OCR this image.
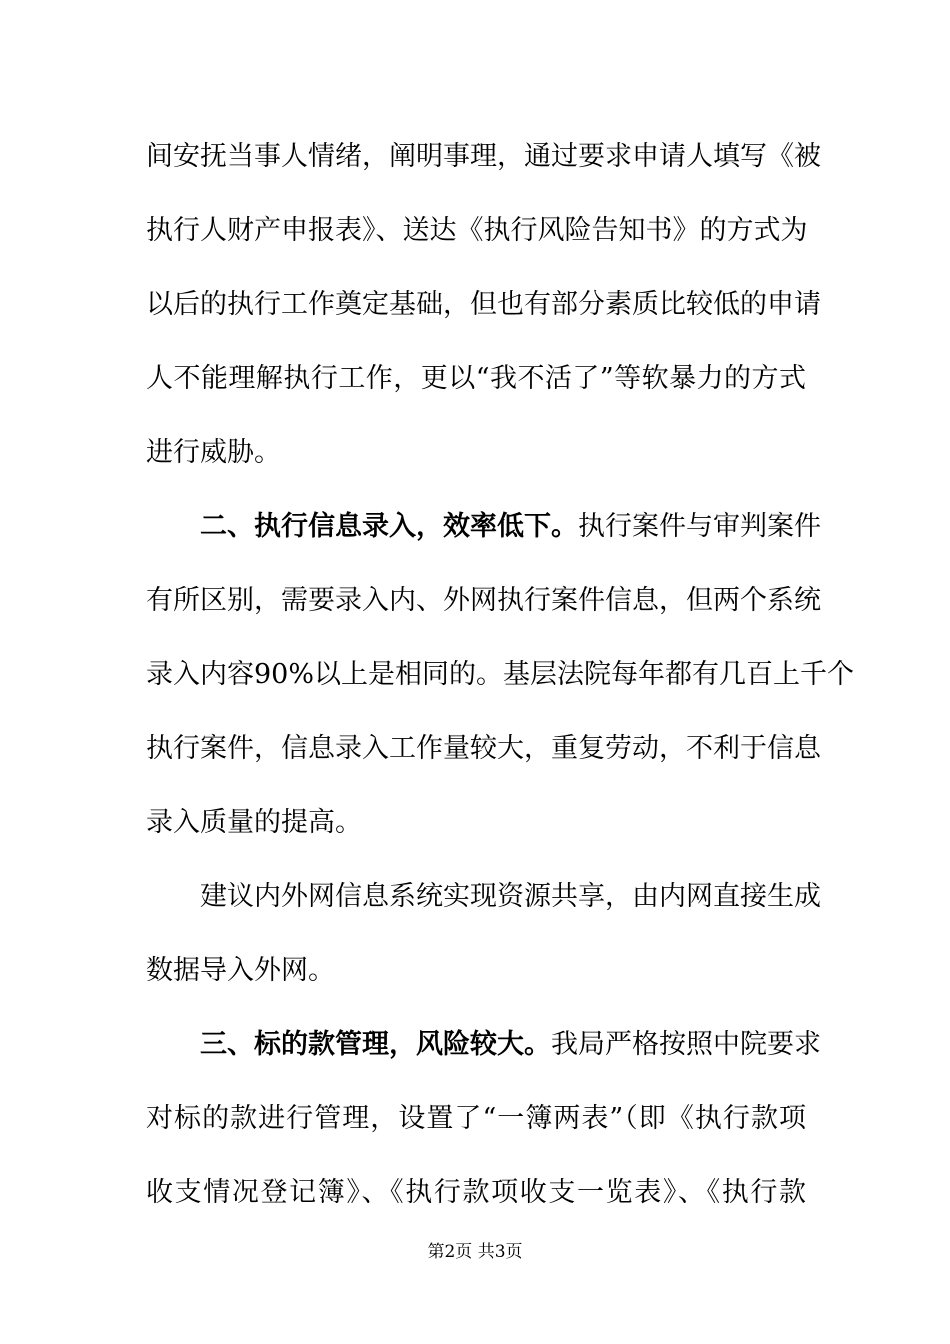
间安抚当事人情绪，阐明事理，通过要求申请人填写《被
执行人财产申报表》、送达《执行风险告知书》的方式为
以后的执行工作奠定基础，但也有部分素质比较低的申请
人不能理解执行工作，更以“我不活了”等软暴力的方式
进行威胁。
二、执行信息录入，效率低下。执行案件与审判案件
有所区别，需要录入内、外网执行案件信息，但两个系统
录入内容90%以上是相同的。基层法院每年都有几百上千个
执行案件，信息录入工作量较大，重复劳动，不利于信息
录入质量的提高。
建议内外网信息系统实现资源共享，由内网直接生成
数据导入外网。
三、标的款管理，风险较大。我局严格按照中院要求
对标的款进行管理，设置了“一簿两表”（即《执行款项
收支情况登记簿》、《执行款项收支一览表》、《执行款
第2页 共3页
